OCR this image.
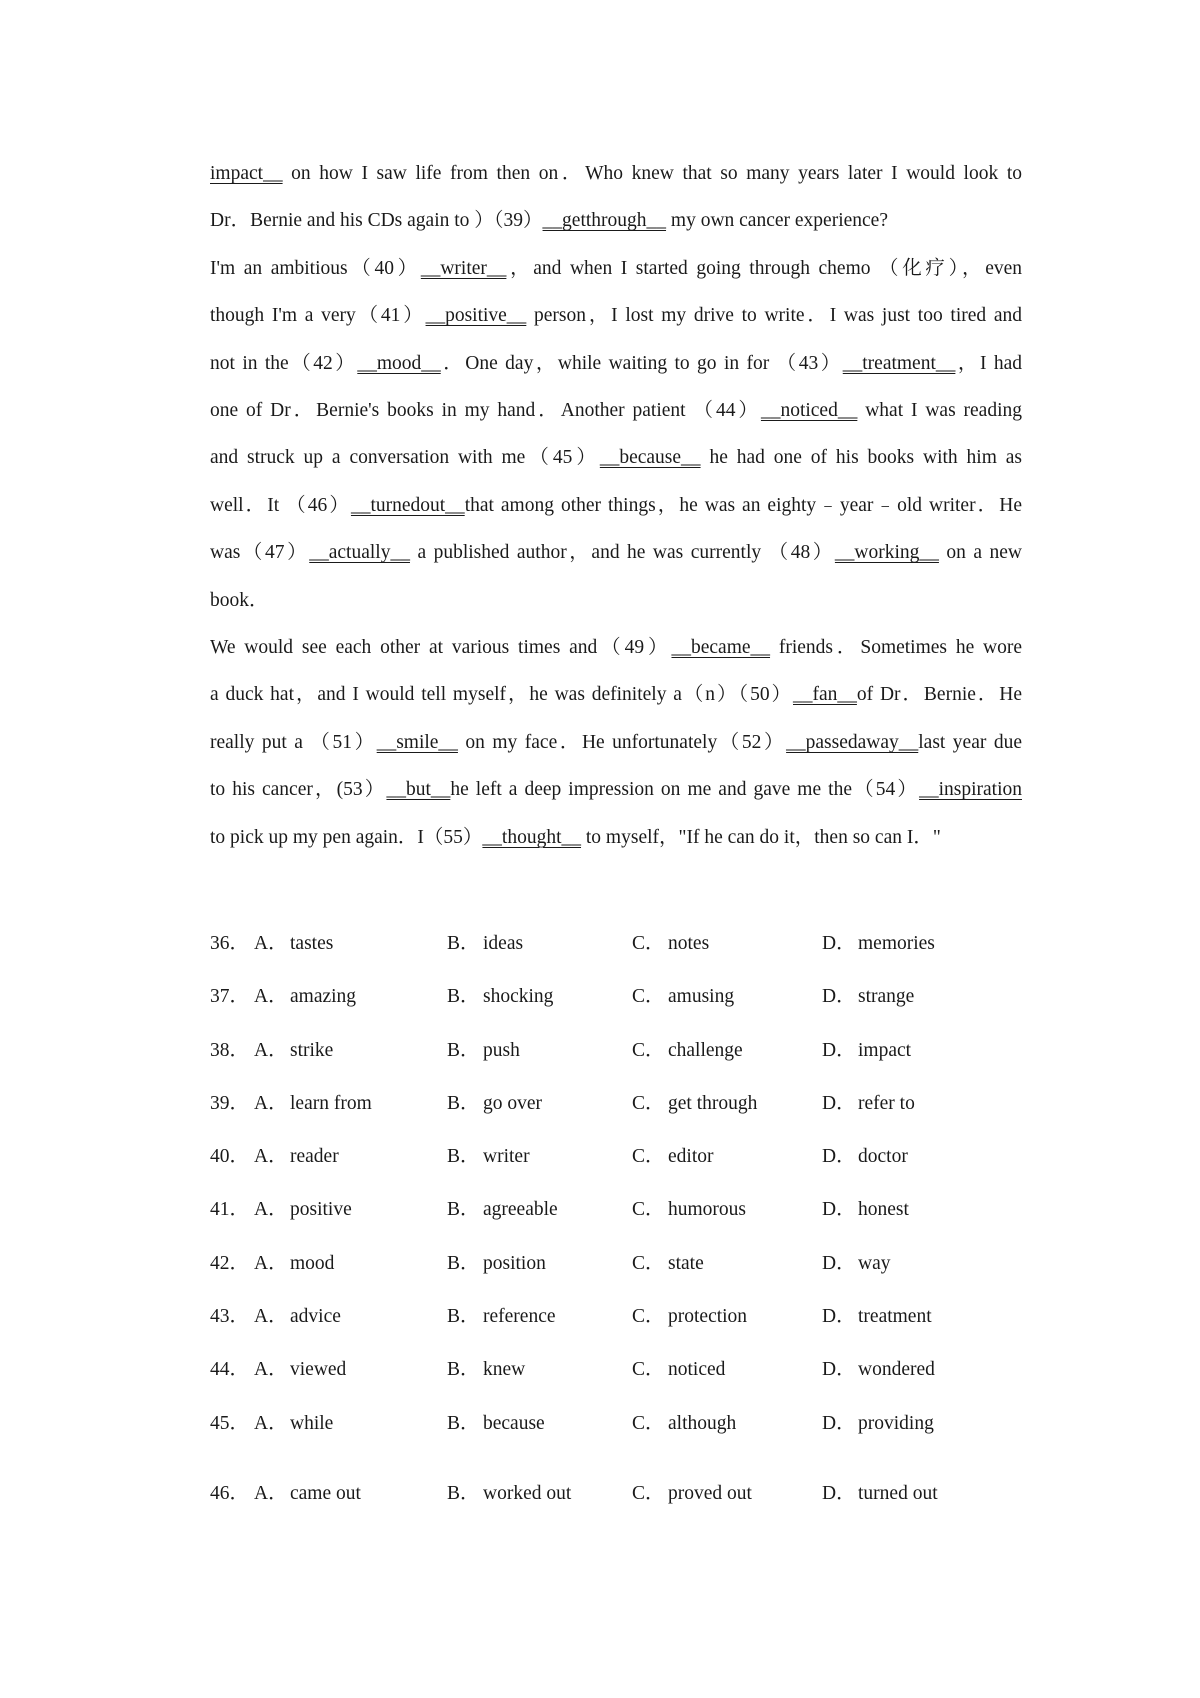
impact__ on how I saw life from then on．Who knew that so many years later I would look to
Dr．Bernie and his CDs again to ）（39）__getthrough__ my own cancer experience?
I'm an ambitious（40）__writer__，and when I started going through chemo （化疗），even
though I'm a very（41）__positive__ person，I lost my drive to write．I was just too tired and
not in the（42）__mood__．One day，while waiting to go in for （43）__treatment__，I had
one of Dr．Bernie's books in my hand．Another patient （44）__noticed__ what I was reading
and struck up a conversation with me（45）__because__ he had one of his books with him as
well．It （46）__turnedout__that among other things，he was an eighty﹣year﹣old writer．He
was（47）__actually__ a published author，and he was currently （48）__working__ on a new
book．
We would see each other at various times and（49）__became__ friends．Sometimes he wore
a duck hat，and I would tell myself，he was definitely a（n）（50）__fan__of Dr．Bernie．He
really put a （51）__smile__ on my face．He unfortunately（52）__passedaway__last year due
to his cancer，(53）__but__he left a deep impression on me and gave me the（54）__inspiration
to pick up my pen again．I（55）__thought__ to myself，"If he can do it，then so can I．"
36． A． tastes	B． ideas	C． notes	D． memories
37． A． amazing	B． shocking	C． amusing	D． strange
38． A． strike	B． push	C． challenge	D． impact
39． A． learn from	B． go over	C． get through	D． refer to
40． A． reader	B． writer	C． editor	D． doctor
41． A． positive	B． agreeable	C． humorous	D． honest
42． A． mood	B． position	C． state	D． way
43． A． advice	B． reference	C． protection	D． treatment
44． A． viewed	B． knew	C． noticed	D． wondered
45． A． while	B． because	C． although	D． providing
46． A． came out	B． worked out	C． proved out	D． turned out
